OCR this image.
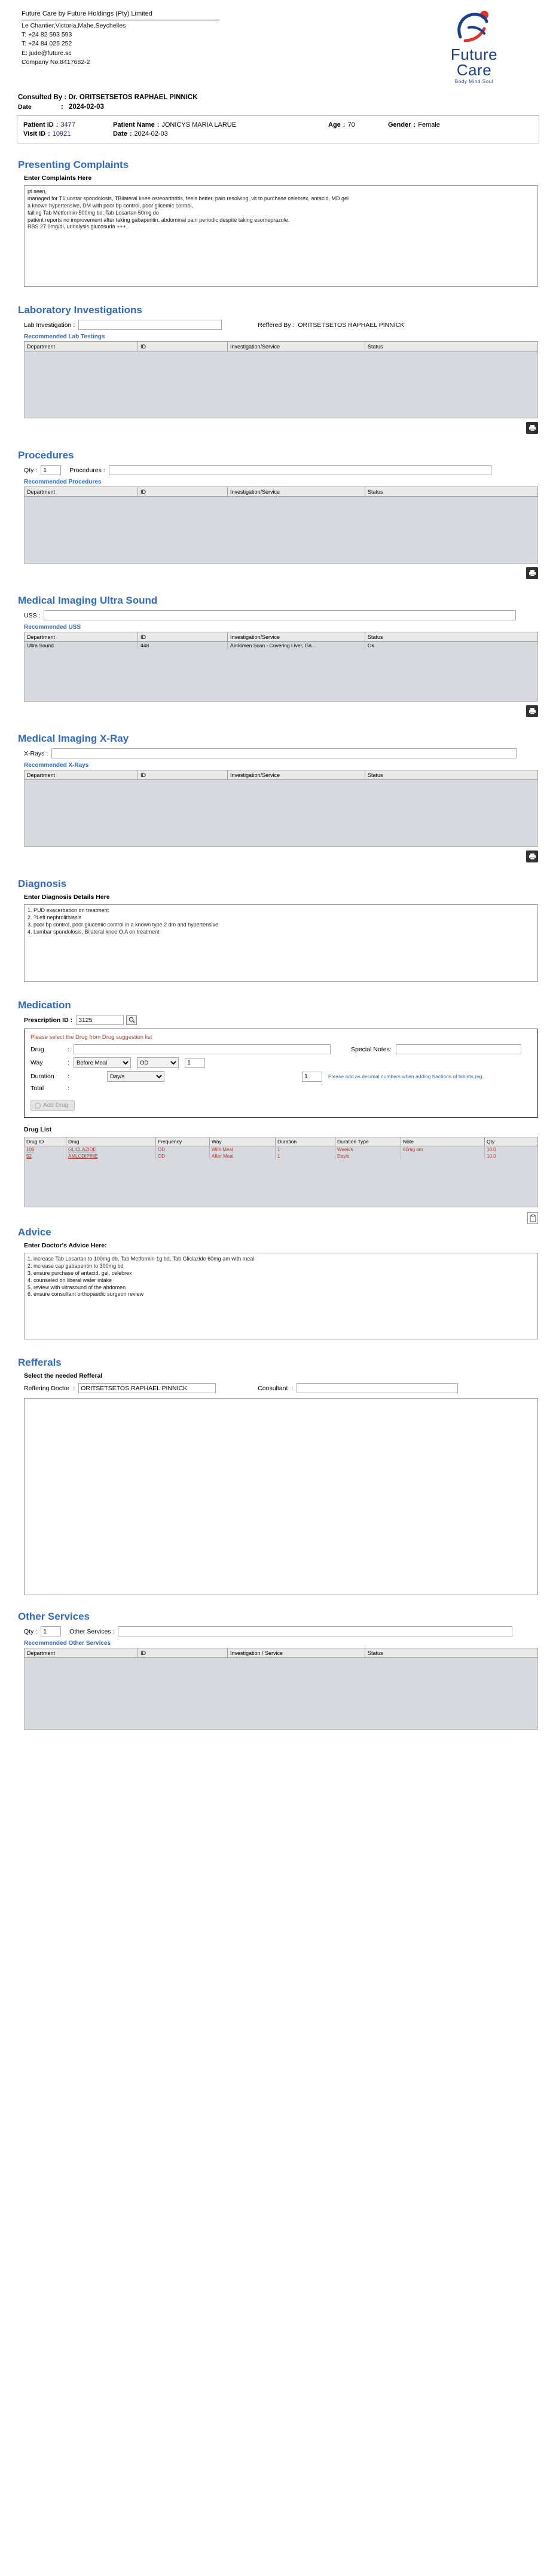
Future Care by Future Holdings (Pty) Limited
Le Chantier,Victoria,Mahe,Seychelles
T: +24 82 593 593
T: +24 84 025 252
E: jude@future.sc
Company No.8417682-2	Future
Care
Body Mind Soul
Consulted By : Dr. ORITSETSETOS RAPHAEL PINNICK
Date	: 2024-02-03
Patient ID : 3477	Patient Name : JONICYS MARIA LARUE	Age : 70	Gender : Female
Visit ID : 10921	Date : 2024-02-03
Presenting Complaints
Enter Complaints Here
pt seen, managed for T1,unstar spondolosis, TBilateral knee osteoarthritis, feels better, pain resolving ,vit to purchase celebrex, antacid, MD gel a known hypertensive, DM with poor bp control, poor glicemic control, failing Tab Metformin 500mg bd, Tab Losartan 50mg do patient reports no improvement after taking gabapentin. abdominal pain periodic despite taking esomeprazole. RBS 27.0mg/dl, urinalysis glucosuria +++,
Laboratory Investigations
Lab Investigation :	Reffered By : ORITSETSETOS RAPHAEL PINNICK
Recommended Lab Testings
Department	ID	Investigation/Service	Status
Procedures
Qty :
1	Procedures :
Recommended Procedures
Department	ID	Investigation/Service	Status
Medical Imaging Ultra Sound
USS :
Recommended USS
Department	ID	Investigation/Service	Status
Ultra Sound	448	Abdomen Scan - Covering Liver, Ga...	Ok
Medical Imaging X-Ray
X-Rays :
Recommended X-Rays
Department	ID	Investigation/Service	Status
Diagnosis
Enter Diagnosis Details Here
1. PUD exacerbation on treatment 2. ?Left nephrolithiasis 3. poor bp control, poor glucemic control in a known type 2 dm and hypertensive 4. Lumbar spondolosis, Bilateral knee O.A on treatment
Medication
Prescription ID :
3125
Please select the Drug from Drug suggestion list
Drug	:	Special Notes :
Way	:
Before Meal
OD
1
Duration	:
Day/s
1	Please add as decimal numbers when adding fractions of tablets (eg..
Total	:
Add Drug
Drug List
Drug ID	Drug	Frequency	Way	Duration	Duration Type	Note	Qty
108	GLICLAZIDE	OD	With Meal	1	Week/s	60mg am	10.0
52	AMLODIPINE	OD	After Meal	1	Day/s		10.0
Advice
Enter Doctor's Advice Here:
1. increase Tab Losartan to 100mg db, Tab Metformin 1g bd, Tab Gliclazide 60mg am with meal 2. increase cap gabapentin to 300mg bd 3. ensure purchase of antacid, gel, celebrex 4. counseled on liberal water intake 5. review with ultrasound of the abdomen 6. ensure consultant orthopaedic surgeon review
Refferals
Select the needed Refferal
Reffering Doctor :
ORITSETSETOS RAPHAEL PINNICK	Consultant :
Other Services
Qty :
1	Other Services :
Recommended Other Services
Department	ID	Investigation / Service	Status
